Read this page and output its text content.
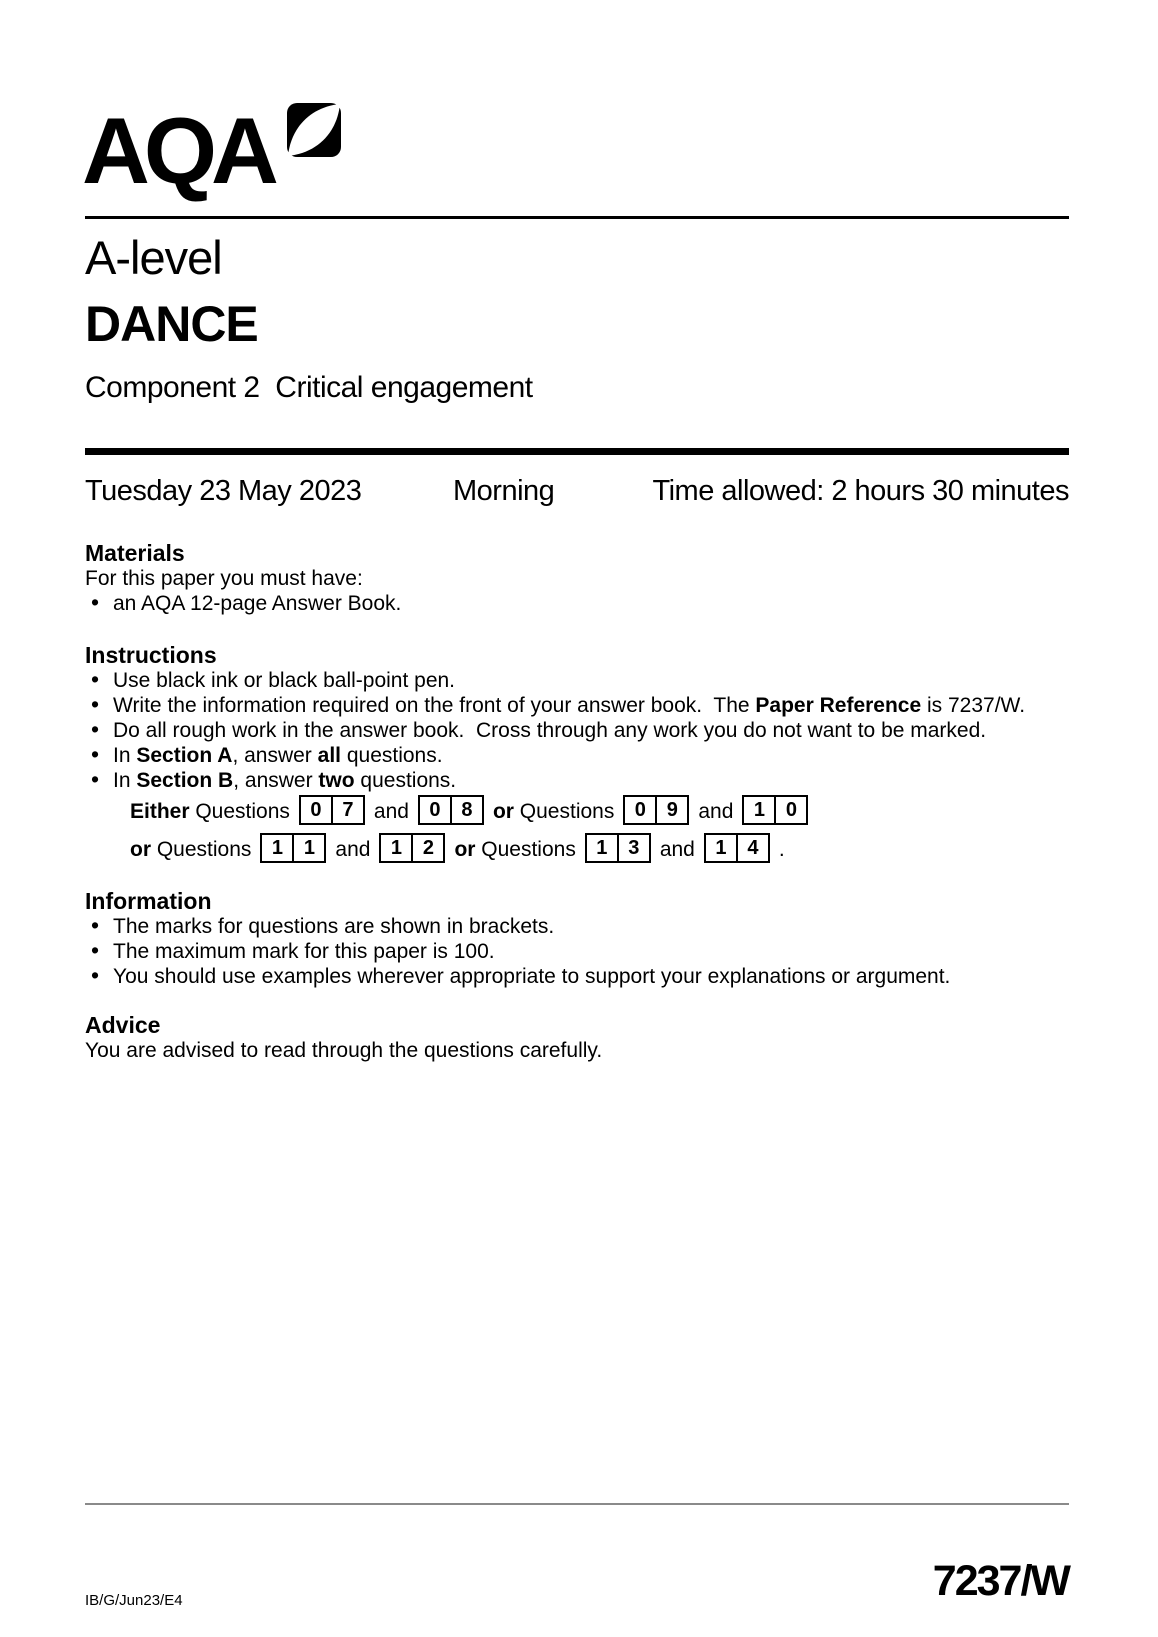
AQA
A-level
DANCE
Component 2  Critical engagement
Tuesday 23 May 2023	Morning	Time allowed: 2 hours 30 minutes
Materials
For this paper you must have:
• an AQA 12-page Answer Book.
Instructions
• Use black ink or black ball-point pen.
• Write the information required on the front of your answer book.  The Paper Reference is 7237/W.
• Do all rough work in the answer book.  Cross through any work you do not want to be marked.
• In Section A, answer all questions.
• In Section B, answer two questions.
Either Questions	0	7 and	0	8 or Questions	0	9 and	1	0
or Questions	1	1 and	1	2 or Questions	1	3 and	1	4 .
Information
• The marks for questions are shown in brackets.
• The maximum mark for this paper is 100.
• You should use examples wherever appropriate to support your explanations or argument.
Advice
You are advised to read through the questions carefully.
7237/W
IB/G/Jun23/E4
